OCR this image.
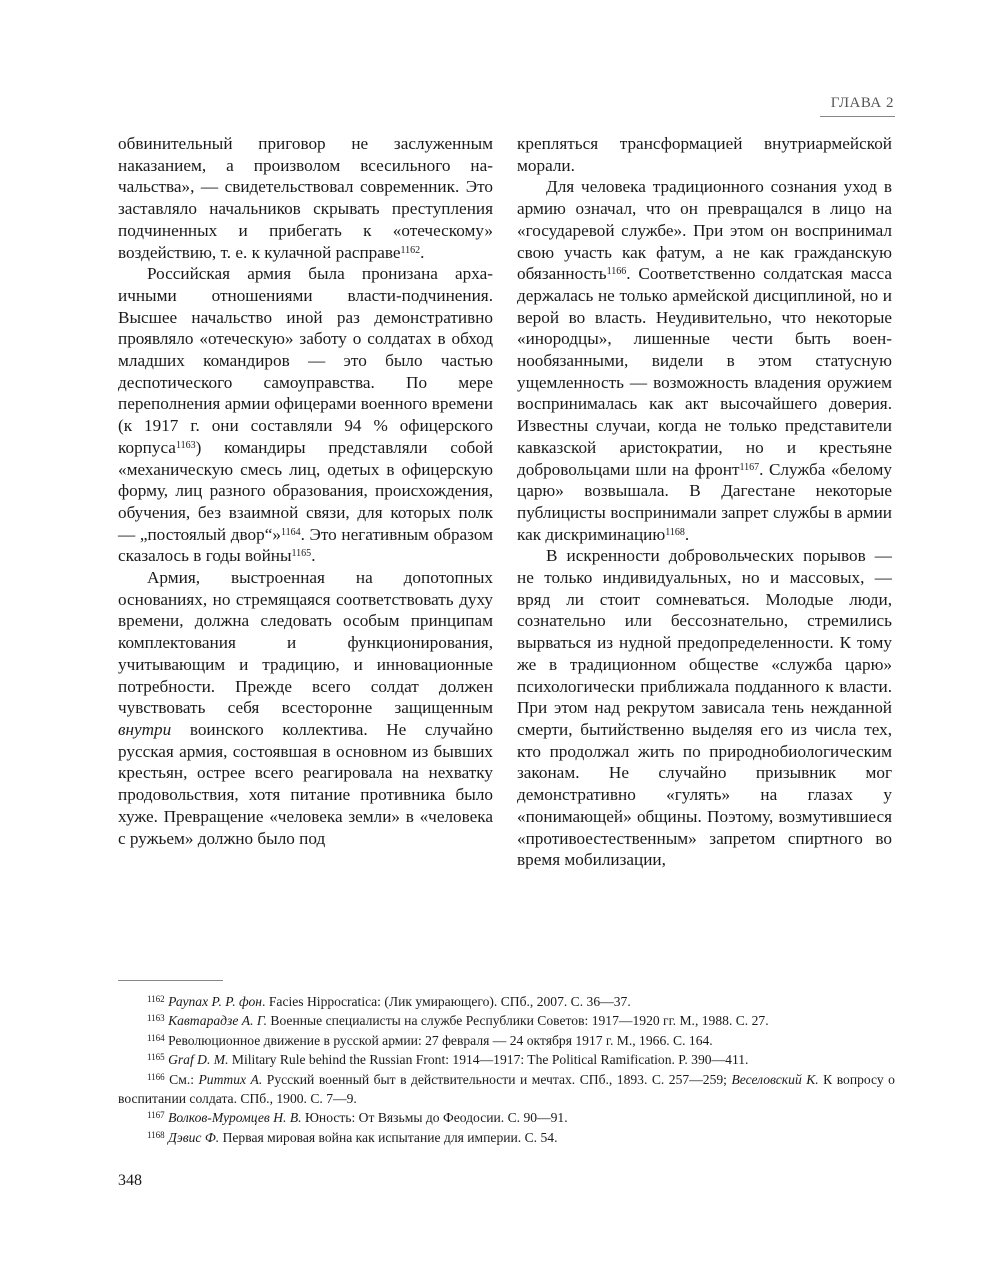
ГЛАВА 2

обвинительный приговор не заслуженным наказанием, а произволом всесильного начальства», — свидетельствовал современник. Это заставляло начальников скрывать преступления подчиненных и прибегать к «отеческому» воздействию, т. е. к кулачной расправе$^{1162}$.

Российская армия была пронизана архаичными отношениями власти-подчинения. Высшее начальство иной раз демонстративно проявляло «отеческую» заботу о солдатах в обход младших командиров — это было частью деспотического самоуправства. По мере переполнения армии офицерами военного времени (к 1917 г. они составляли 94 % офицерского корпуса$^{1163}$) командиры представляли собой «механическую смесь лиц, одетых в офицерскую форму, лиц разного образования, происхождения, обучения, без взаимной связи, для которых полк — „постоялый двор“»$^{1164}$. Это негативным образом сказалось в годы войны$^{1165}$.

Армия, выстроенная на допотопных основаниях, но стремящаяся соответствовать духу времени, должна следовать особым принципам комплектования и функционирования, учитывающим и традицию, и инновационные потребности. Прежде всего солдат должен чувствовать себя всесторонне защищенным внутри воинского коллектива. Не случайно русская армия, состоявшая в основном из бывших крестьян, острее всего реагировала на нехватку продовольствия, хотя питание противника было хуже. Превращение «человека земли» в «человека с ружьем» должно было под

крепляться трансформацией внутриармейской морали.

Для человека традиционного сознания уход в армию означал, что он превращался в лицо на «государевой службе». При этом он воспринимал свою участь как фатум, а не как гражданскую обязанность$^{1166}$. Соответственно солдатская масса держалась не только армейской дисциплиной, но и верой во власть. Неудивительно, что некоторые «инородцы», лишенные чести быть военнообязанными, видели в этом статусную ущемленность — возможность владения оружием воспринималась как акт высочайшего доверия. Известны случаи, когда не только представители кавказской аристократии, но и крестьяне добровольцами шли на фронт$^{1167}$. Служба «белому царю» возвышала. В Дагестане некоторые публицисты воспринимали запрет службы в армии как дискриминацию$^{1168}$.

В искренности добровольческих порывов — не только индивидуальных, но и массовых, — вряд ли стоит сомневаться. Молодые люди, сознательно или бессознательно, стремились вырваться из нудной предопределенности. К тому же в традиционном обществе «служба царю» психологически приближала подданного к власти. При этом над рекрутом зависала тень нежданной смерти, бытийственно выделяя его из числа тех, кто продолжал жить по природнобиологическим законам. Не случайно призывник мог демонстративно «гулять» на глазах у «понимающей» общины. Поэтому, возмутившиеся «противоестественным» запретом спиртного во время мобилизации,

$^{1162}$ Раупах Р. Р. фон. Facies Hippocratica: (Лик умирающего). СПб., 2007. С. 36—37.

$^{1163}$ Кавтарадзе А. Г. Военные специалисты на службе Республики Советов: 1917—1920 гг. М., 1988. С. 27.

$^{1164}$ Революционное движение в русской армии: 27 февраля — 24 октября 1917 г. М., 1966. С. 164.

$^{1165}$ Graf D. M. Military Rule behind the Russian Front: 1914—1917: The Political Ramification. P. 390—411.

$^{1166}$ См.: Риттих А. Русский военный быт в действительности и мечтах. СПб., 1893. С. 257—259; Веселовский К. К вопросу о воспитании солдата. СПб., 1900. С. 7—9.

$^{1167}$ Волков-Муромцев Н. В. Юность: От Вязьмы до Феодосии. С. 90—91.

$^{1168}$ Дэвис Ф. Первая мировая война как испытание для империи. С. 54.

348
